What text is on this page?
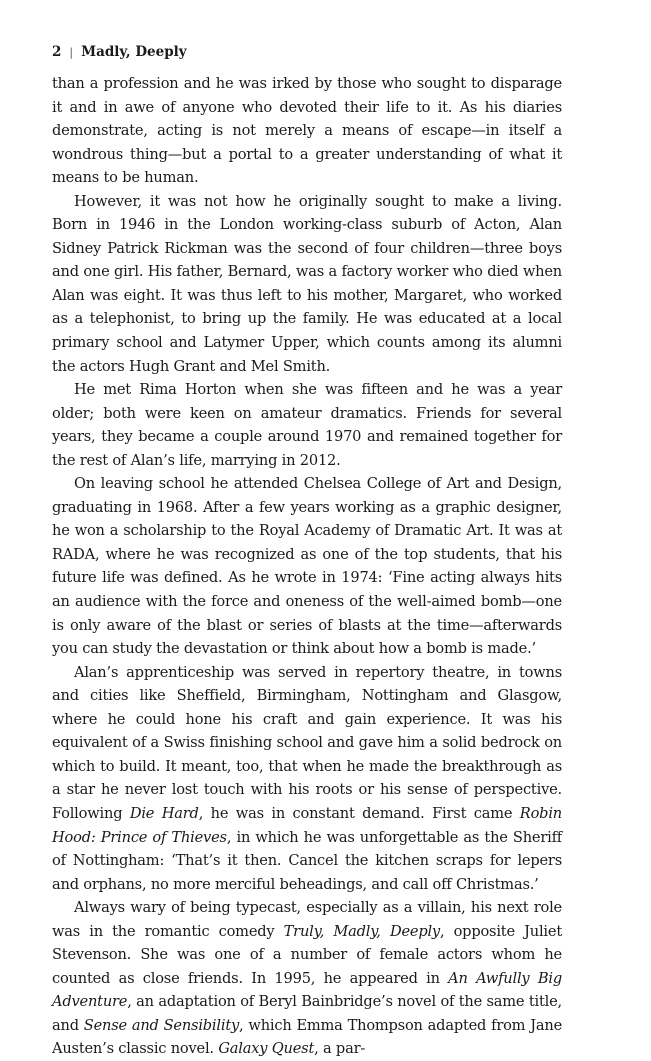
2 | Madly, Deeply

than a profession and he was irked by those who sought to disparage it and in awe of anyone who devoted their life to it. As his diaries demonstrate, acting is not merely a means of escape—in itself a wondrous thing—but a portal to a greater understanding of what it means to be human.

However, it was not how he originally sought to make a living. Born in 1946 in the London working-class suburb of Acton, Alan Sidney Patrick Rickman was the second of four children—three boys and one girl. His father, Bernard, was a factory worker who died when Alan was eight. It was thus left to his mother, Margaret, who worked as a telephonist, to bring up the family. He was educated at a local primary school and Latymer Upper, which counts among its alumni the actors Hugh Grant and Mel Smith.

He met Rima Horton when she was fifteen and he was a year older; both were keen on amateur dramatics. Friends for several years, they became a couple around 1970 and remained together for the rest of Alan’s life, marrying in 2012.

On leaving school he attended Chelsea College of Art and Design, graduating in 1968. After a few years working as a graphic designer, he won a scholarship to the Royal Academy of Dramatic Art. It was at RADA, where he was recognized as one of the top students, that his future life was defined. As he wrote in 1974: ‘Fine acting always hits an audience with the force and oneness of the well-aimed bomb—one is only aware of the blast or series of blasts at the time—afterwards you can study the devastation or think about how a bomb is made.’

Alan’s apprenticeship was served in repertory theatre, in towns and cities like Sheffield, Birmingham, Nottingham and Glasgow, where he could hone his craft and gain experience. It was his equivalent of a Swiss finishing school and gave him a solid bedrock on which to build. It meant, too, that when he made the breakthrough as a star he never lost touch with his roots or his sense of perspective. Following Die Hard, he was in constant demand. First came Robin Hood: Prince of Thieves, in which he was unforgettable as the Sheriff of Nottingham: ‘That’s it then. Cancel the kitchen scraps for lepers and orphans, no more merciful beheadings, and call off Christmas.’

Always wary of being typecast, especially as a villain, his next role was in the romantic comedy Truly, Madly, Deeply, opposite Juliet Stevenson. She was one of a number of female actors whom he counted as close friends. In 1995, he appeared in An Awfully Big Adventure, an adaptation of Beryl Bainbridge’s novel of the same title, and Sense and Sensibility, which Emma Thompson adapted from Jane Austen’s classic novel. Galaxy Quest, a par-
